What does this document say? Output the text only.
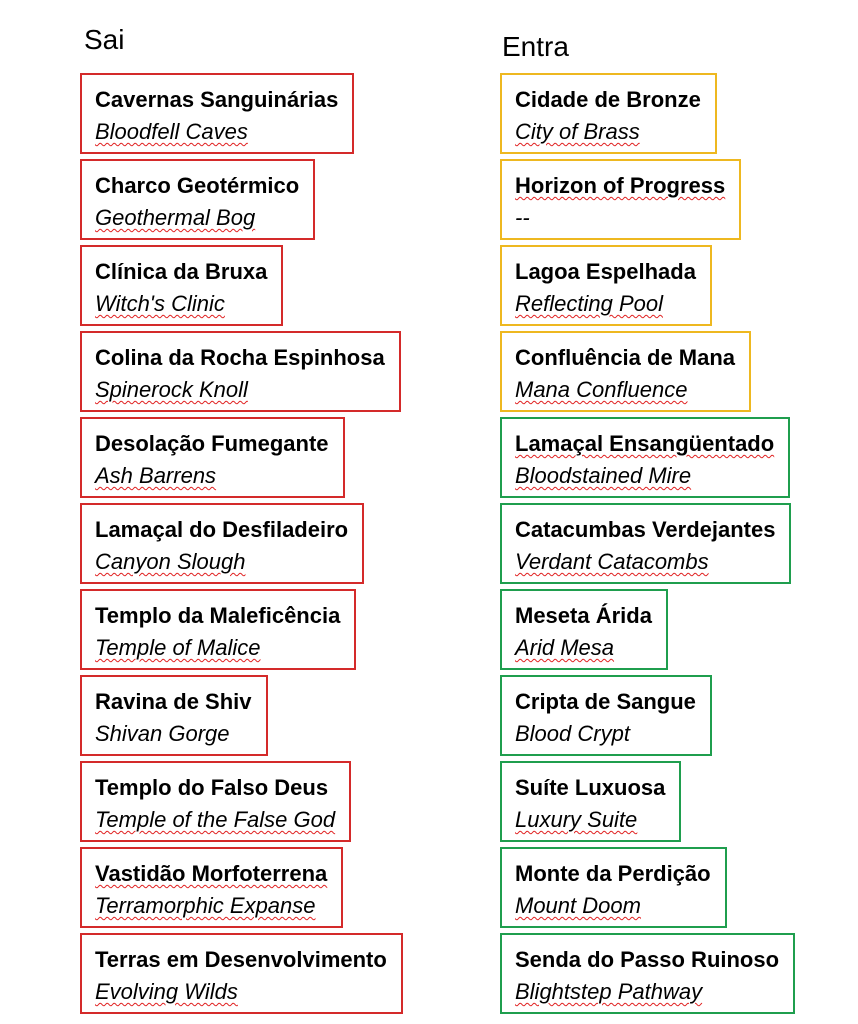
Sai	Entra
Cavernas Sanguinárias
Bloodfell Caves
Charco Geotérmico
Geothermal Bog
Clínica da Bruxa
Witch's Clinic
Colina da Rocha Espinhosa
Spinerock Knoll
Desolação Fumegante
Ash Barrens
Lamaçal do Desfiladeiro
Canyon Slough
Templo da Maleficência
Temple of Malice
Ravina de Shiv
Shivan Gorge
Templo do Falso Deus
Temple of the False God
Vastidão Morfoterrena
Terramorphic Expanse
Terras em Desenvolvimento
Evolving Wilds
Cidade de Bronze
City of Brass
Horizon of Progress
--
Lagoa Espelhada
Reflecting Pool
Confluência de Mana
Mana Confluence
Lamaçal Ensangüentado
Bloodstained Mire
Catacumbas Verdejantes
Verdant Catacombs
Meseta Árida
Arid Mesa
Cripta de Sangue
Blood Crypt
Suíte Luxuosa
Luxury Suite
Monte da Perdição
Mount Doom
Senda do Passo Ruinoso
Blightstep Pathway
